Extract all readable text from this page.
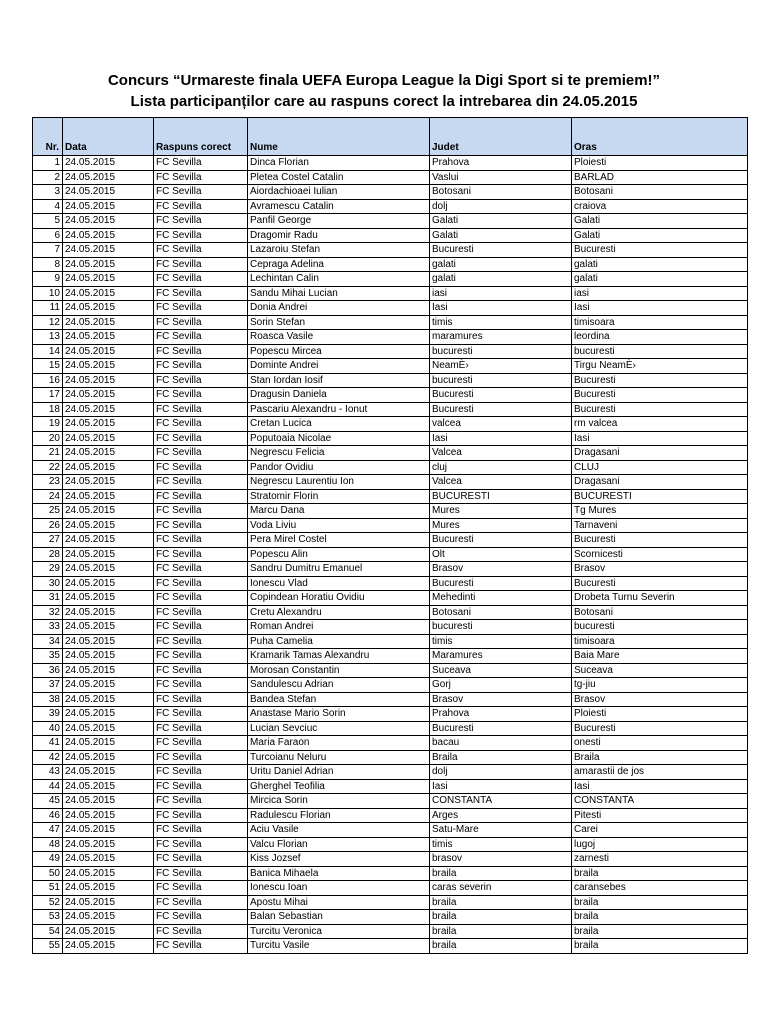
Concurs “Urmareste finala UEFA Europa League la Digi Sport si te premiem!”
Lista participanților care au raspuns corect la intrebarea din 24.05.2015
Nr.	Data	Raspuns corect	Nume	Judet	Oras
1	24.05.2015	FC Sevilla	Dinca Florian	Prahova	Ploiesti
2	24.05.2015	FC Sevilla	Pletea Costel Catalin	Vaslui	BARLAD
3	24.05.2015	FC Sevilla	Aiordachioaei Iulian	Botosani	Botosani
4	24.05.2015	FC Sevilla	Avramescu Catalin	dolj	craiova
5	24.05.2015	FC Sevilla	Panfil George	Galati	Galati
6	24.05.2015	FC Sevilla	Dragomir Radu	Galati	Galati
7	24.05.2015	FC Sevilla	Lazaroiu Stefan	Bucuresti	Bucuresti
8	24.05.2015	FC Sevilla	Cepraga Adelina	galati	galati
9	24.05.2015	FC Sevilla	Lechintan Calin	galati	galati
10	24.05.2015	FC Sevilla	Sandu Mihai Lucian	iasi	iasi
11	24.05.2015	FC Sevilla	Donia Andrei	Iasi	Iasi
12	24.05.2015	FC Sevilla	Sorin Stefan	timis	timisoara
13	24.05.2015	FC Sevilla	Roasca Vasile	maramures	leordina
14	24.05.2015	FC Sevilla	Popescu Mircea	bucuresti	bucuresti
15	24.05.2015	FC Sevilla	Dominte Andrei	NeamÈ›	Tirgu NeamÈ›
16	24.05.2015	FC Sevilla	Stan Iordan Iosif	bucuresti	Bucuresti
17	24.05.2015	FC Sevilla	Dragusin Daniela	Bucuresti	Bucuresti
18	24.05.2015	FC Sevilla	Pascariu Alexandru - Ionut	Bucuresti	Bucuresti
19	24.05.2015	FC Sevilla	Cretan Lucica	valcea	rm valcea
20	24.05.2015	FC Sevilla	Poputoaia Nicolae	Iasi	Iasi
21	24.05.2015	FC Sevilla	Negrescu Felicia	Valcea	Dragasani
22	24.05.2015	FC Sevilla	Pandor Ovidiu	cluj	CLUJ
23	24.05.2015	FC Sevilla	Negrescu Laurentiu Ion	Valcea	Dragasani
24	24.05.2015	FC Sevilla	Stratomir Florin	BUCURESTI	BUCURESTI
25	24.05.2015	FC Sevilla	Marcu Dana	Mures	Tg Mures
26	24.05.2015	FC Sevilla	Voda Liviu	Mures	Tarnaveni
27	24.05.2015	FC Sevilla	Pera Mirel Costel	Bucuresti	Bucuresti
28	24.05.2015	FC Sevilla	Popescu Alin	Olt	Scornicesti
29	24.05.2015	FC Sevilla	Sandru Dumitru Emanuel	Brasov	Brasov
30	24.05.2015	FC Sevilla	Ionescu Vlad	Bucuresti	Bucuresti
31	24.05.2015	FC Sevilla	Copindean Horatiu Ovidiu	Mehedinti	Drobeta Turnu Severin
32	24.05.2015	FC Sevilla	Cretu Alexandru	Botosani	Botosani
33	24.05.2015	FC Sevilla	Roman Andrei	bucuresti	bucuresti
34	24.05.2015	FC Sevilla	Puha Camelia	timis	timisoara
35	24.05.2015	FC Sevilla	Kramarik Tamas Alexandru	Maramures	Baia Mare
36	24.05.2015	FC Sevilla	Morosan Constantin	Suceava	Suceava
37	24.05.2015	FC Sevilla	Sandulescu Adrian	Gorj	tg-jiu
38	24.05.2015	FC Sevilla	Bandea Stefan	Brasov	Brasov
39	24.05.2015	FC Sevilla	Anastase Mario Sorin	Prahova	Ploiesti
40	24.05.2015	FC Sevilla	Lucian Sevciuc	Bucuresti	Bucuresti
41	24.05.2015	FC Sevilla	Maria Faraon	bacau	onesti
42	24.05.2015	FC Sevilla	Turcoianu Neluru	Braila	Braila
43	24.05.2015	FC Sevilla	Uritu Daniel Adrian	dolj	amarastii de jos
44	24.05.2015	FC Sevilla	Gherghel Teofilia	Iasi	Iasi
45	24.05.2015	FC Sevilla	Mircica Sorin	CONSTANTA	CONSTANTA
46	24.05.2015	FC Sevilla	Radulescu Florian	Arges	Pitesti
47	24.05.2015	FC Sevilla	Aciu Vasile	Satu-Mare	Carei
48	24.05.2015	FC Sevilla	Valcu Florian	timis	lugoj
49	24.05.2015	FC Sevilla	Kiss Jozsef	brasov	zarnesti
50	24.05.2015	FC Sevilla	Banica Mihaela	braila	braila
51	24.05.2015	FC Sevilla	Ionescu Ioan	caras severin	caransebes
52	24.05.2015	FC Sevilla	Apostu Mihai	braila	braila
53	24.05.2015	FC Sevilla	Balan Sebastian	braila	braila
54	24.05.2015	FC Sevilla	Turcitu Veronica	braila	braila
55	24.05.2015	FC Sevilla	Turcitu Vasile	braila	braila
